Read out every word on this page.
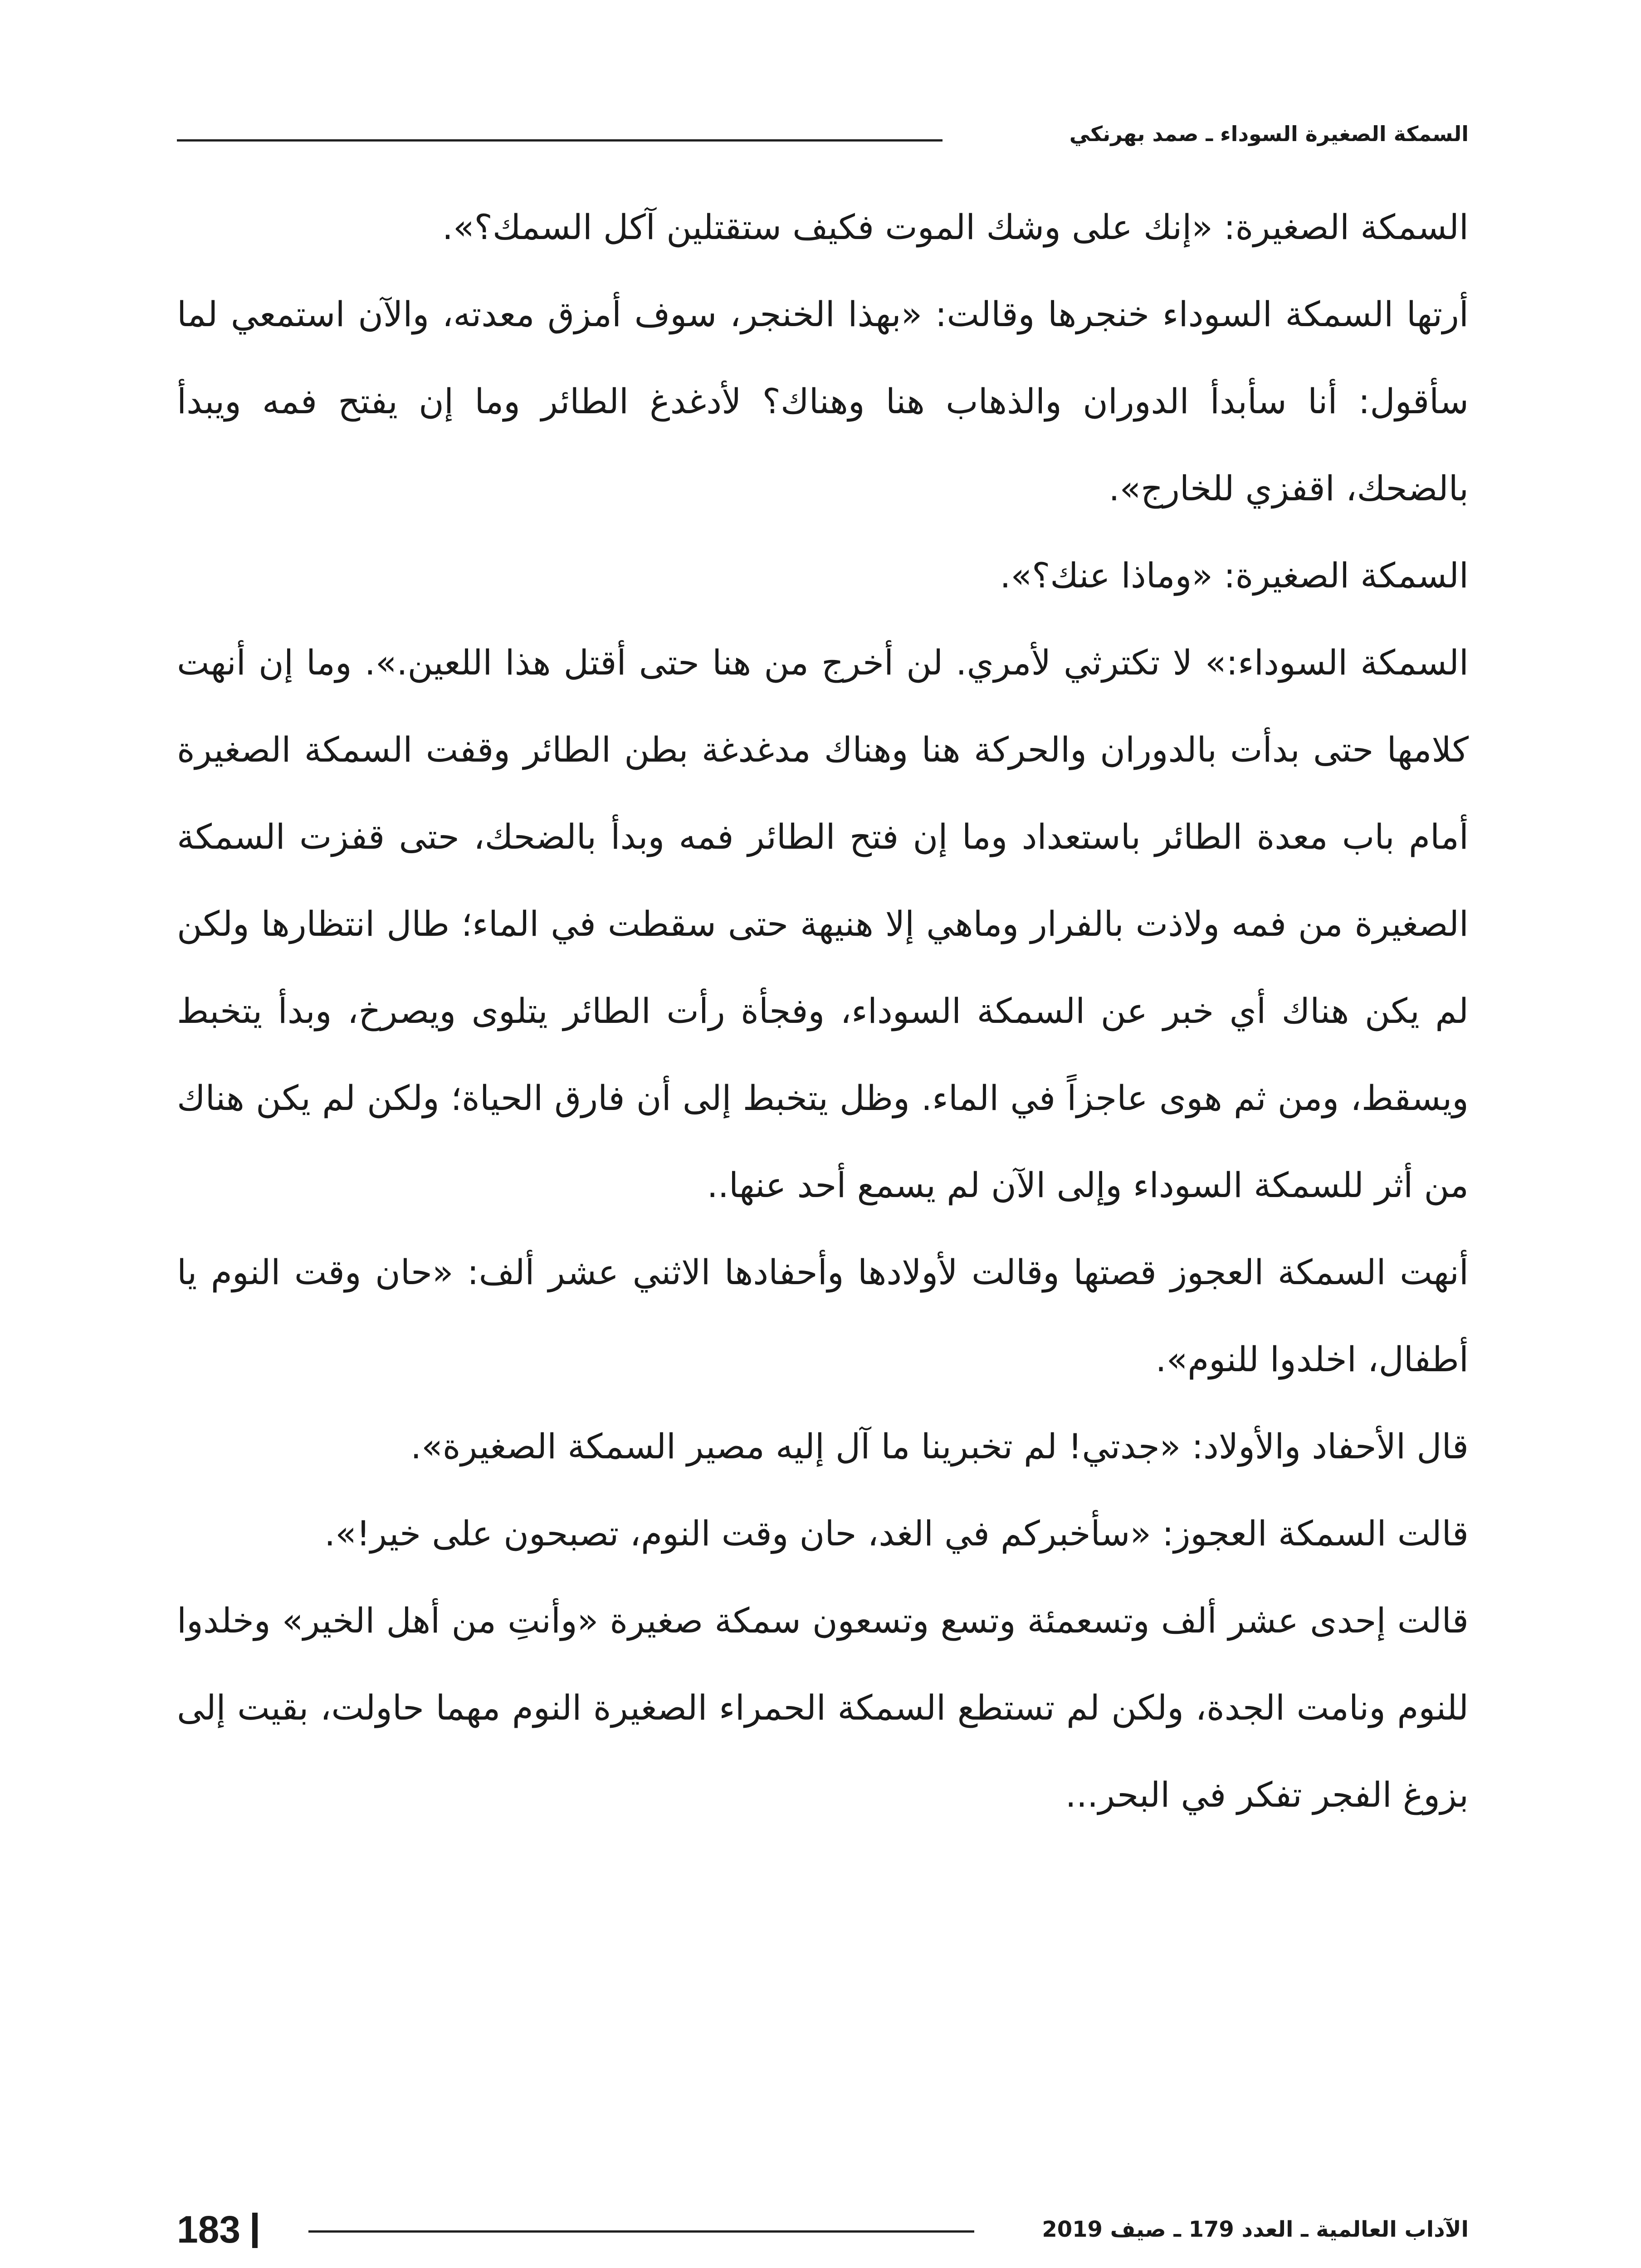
السمكة الصغيرة السوداء ـ صمد بهرنكي

السمكة الصغيرة: «إنك على وشك الموت فكيف ستقتلين آكل السمك؟».

أرتها السمكة السوداء خنجرها وقالت: «بهذا الخنجر، سوف أمزق معدته، والآن استمعي لما سأقول: أنا سأبدأ الدوران والذهاب هنا وهناك؟ لأدغدغ الطائر وما إن يفتح فمه ويبدأ بالضحك، اقفزي للخارج».

السمكة الصغيرة: «وماذا عنك؟».

السمكة السوداء:» لا تكترثي لأمري. لن أخرج من هنا حتى أقتل هذا اللعين.». وما إن أنهت كلامها حتى بدأت بالدوران والحركة هنا وهناك مدغدغة بطن الطائر وقفت السمكة الصغيرة أمام باب معدة الطائر باستعداد وما إن فتح الطائر فمه وبدأ بالضحك، حتى قفزت السمكة الصغيرة من فمه ولاذت بالفرار وماهي إلا هنيهة حتى سقطت في الماء؛ طال انتظارها ولكن لم يكن هناك أي خبر عن السمكة السوداء، وفجأة رأت الطائر يتلوى ويصرخ، وبدأ يتخبط ويسقط، ومن ثم هوى عاجزاً في الماء. وظل يتخبط إلى أن فارق الحياة؛ ولكن لم يكن هناك من أثر للسمكة السوداء وإلى الآن لم يسمع أحد عنها..

أنهت السمكة العجوز قصتها وقالت لأولادها وأحفادها الاثني عشر ألف: «حان وقت النوم يا أطفال، اخلدوا للنوم».

قال الأحفاد والأولاد: «جدتي! لم تخبرينا ما آل إليه مصير السمكة الصغيرة».

قالت السمكة العجوز: «سأخبركم في الغد، حان وقت النوم، تصبحون على خير!».

قالت إحدى عشر ألف وتسعمئة وتسع وتسعون سمكة صغيرة «وأنتِ من أهل الخير» وخلدوا للنوم ونامت الجدة، ولكن لم تستطع السمكة الحمراء الصغيرة النوم مهما حاولت، بقيت إلى بزوغ الفجر تفكر في البحر...

183	الآداب العالمية ـ العدد 179 ـ صيف 2019
